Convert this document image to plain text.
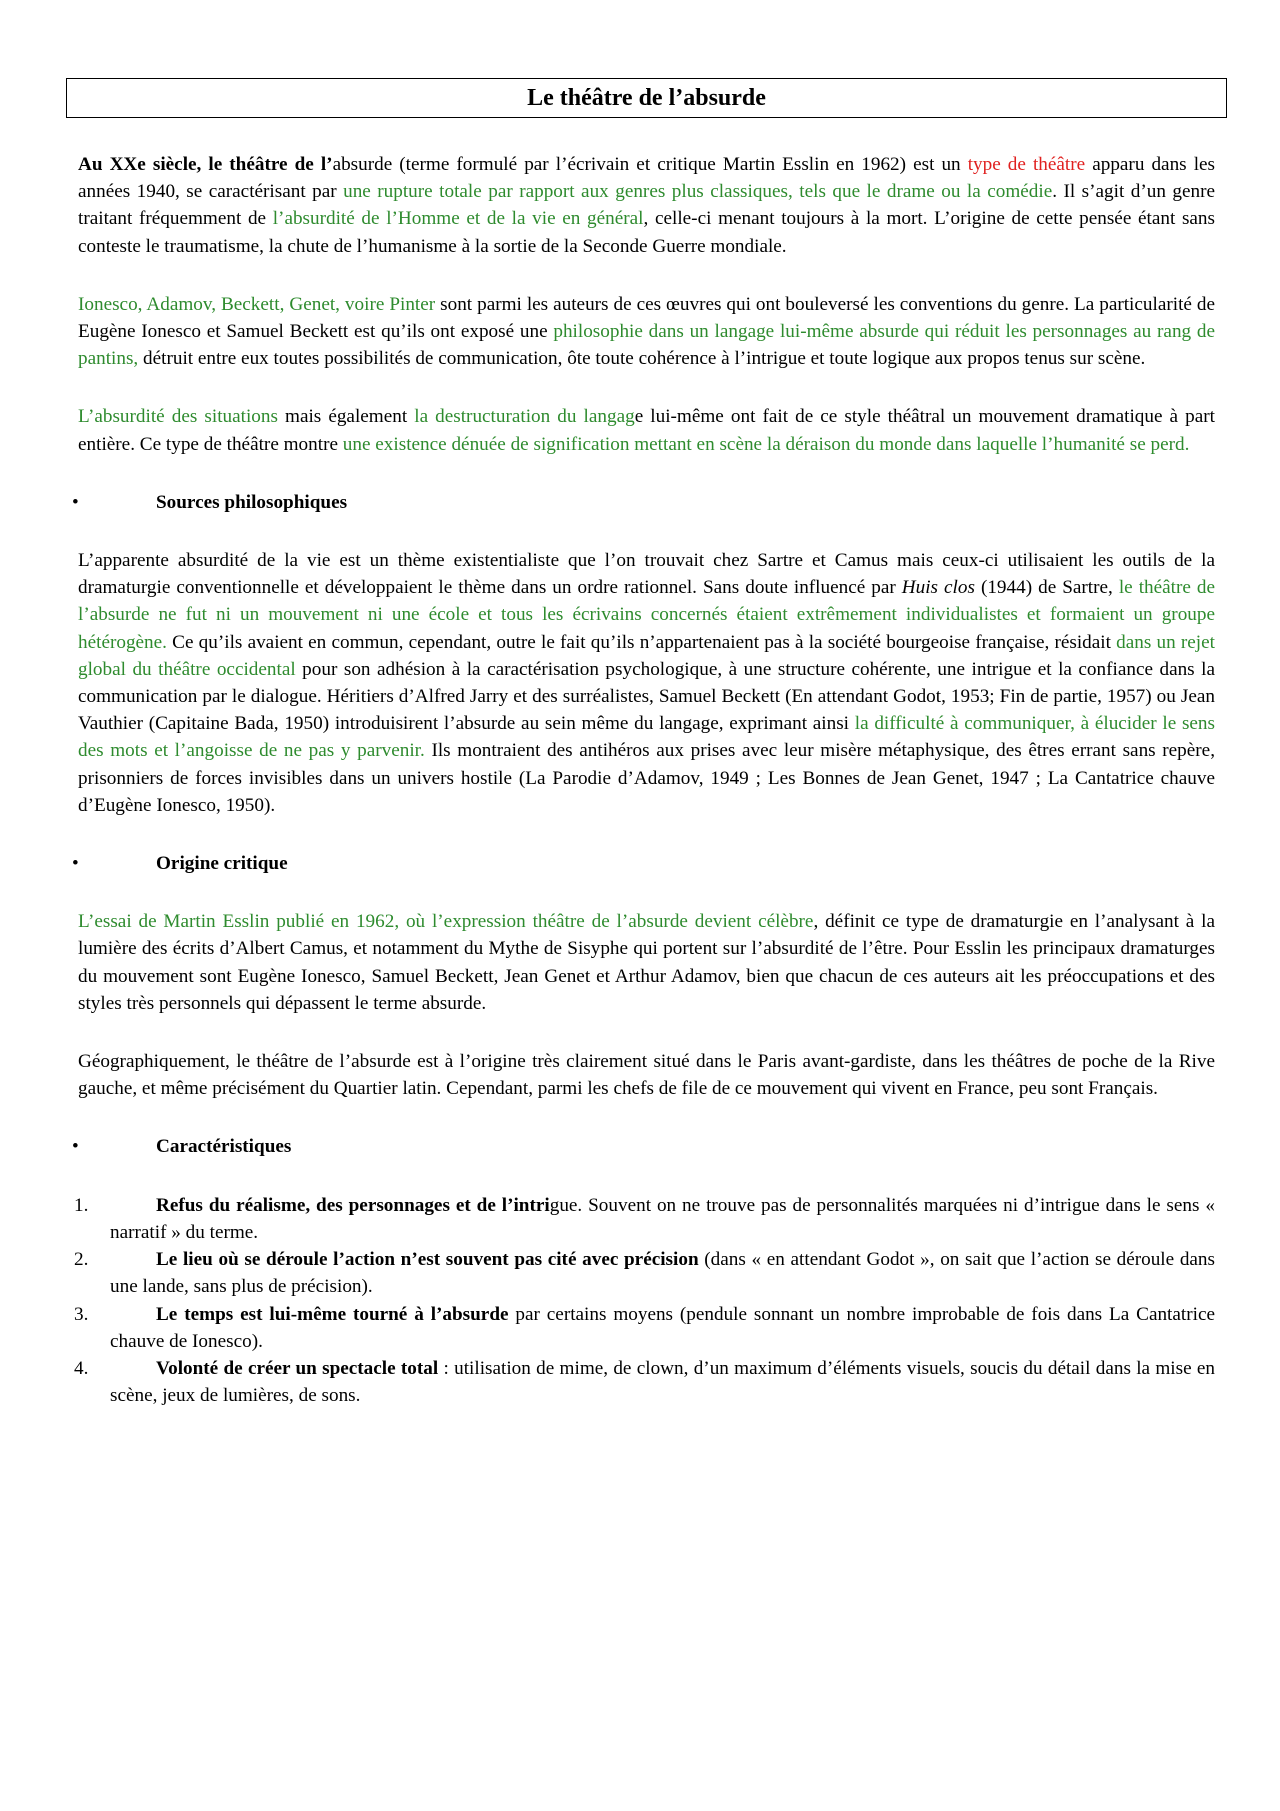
Le théâtre de l’absurde

Au XXe siècle, le théâtre de l’absurde (terme formulé par l’écrivain et critique Martin Esslin en 1962) est un type de théâtre apparu dans les années 1940, se caractérisant par une rupture totale par rapport aux genres plus classiques, tels que le drame ou la comédie. Il s’agit d’un genre traitant fréquemment de l’absurdité de l’Homme et de la vie en général, celle-ci menant toujours à la mort. L’origine de cette pensée étant sans conteste le traumatisme, la chute de l’humanisme à la sortie de la Seconde Guerre mondiale.

Ionesco, Adamov, Beckett, Genet, voire Pinter sont parmi les auteurs de ces œuvres qui ont bouleversé les conventions du genre. La particularité de Eugène Ionesco et Samuel Beckett est qu’ils ont exposé une philosophie dans un langage lui-même absurde qui réduit les personnages au rang de pantins, détruit entre eux toutes possibilités de communication, ôte toute cohérence à l’intrigue et toute logique aux propos tenus sur scène.

L’absurdité des situations mais également la destructuration du langage lui-même ont fait de ce style théâtral un mouvement dramatique à part entière. Ce type de théâtre montre une existence dénuée de signification mettant en scène la déraison du monde dans laquelle l’humanité se perd.

•	Sources philosophiques

L’apparente absurdité de la vie est un thème existentialiste que l’on trouvait chez Sartre et Camus mais ceux-ci utilisaient les outils de la dramaturgie conventionnelle et développaient le thème dans un ordre rationnel. Sans doute influencé par Huis clos (1944) de Sartre, le théâtre de l’absurde ne fut ni un mouvement ni une école et tous les écrivains concernés étaient extrêmement individualistes et formaient un groupe hétérogène. Ce qu’ils avaient en commun, cependant, outre le fait qu’ils n’appartenaient pas à la société bourgeoise française, résidait dans un rejet global du théâtre occidental pour son adhésion à la caractérisation psychologique, à une structure cohérente, une intrigue et la confiance dans la communication par le dialogue. Héritiers d’Alfred Jarry et des surréalistes, Samuel Beckett (En attendant Godot, 1953; Fin de partie, 1957) ou Jean Vauthier (Capitaine Bada, 1950) introduisirent l’absurde au sein même du langage, exprimant ainsi la difficulté à communiquer, à élucider le sens des mots et l’angoisse de ne pas y parvenir. Ils montraient des antihéros aux prises avec leur misère métaphysique, des êtres errant sans repère, prisonniers de forces invisibles dans un univers hostile (La Parodie d’Adamov, 1949 ; Les Bonnes de Jean Genet, 1947 ; La Cantatrice chauve d’Eugène Ionesco, 1950).

•	Origine critique

L’essai de Martin Esslin publié en 1962, où l’expression théâtre de l’absurde devient célèbre, définit ce type de dramaturgie en l’analysant à la lumière des écrits d’Albert Camus, et notamment du Mythe de Sisyphe qui portent sur l’absurdité de l’être. Pour Esslin les principaux dramaturges du mouvement sont Eugène Ionesco, Samuel Beckett, Jean Genet et Arthur Adamov, bien que chacun de ces auteurs ait les préoccupations et des styles très personnels qui dépassent le terme absurde.

Géographiquement, le théâtre de l’absurde est à l’origine très clairement situé dans le Paris avant-gardiste, dans les théâtres de poche de la Rive gauche, et même précisément du Quartier latin. Cependant, parmi les chefs de file de ce mouvement qui vivent en France, peu sont Français.

•	Caractéristiques
1.	Refus du réalisme, des personnages et de l’intrigue. Souvent on ne trouve pas de personnalités marquées ni d’intrigue dans le sens « narratif » du terme.
2.	Le lieu où se déroule l’action n’est souvent pas cité avec précision (dans « en attendant Godot », on sait que l’action se déroule dans une lande, sans plus de précision).
3.	Le temps est lui-même tourné à l’absurde par certains moyens (pendule sonnant un nombre improbable de fois dans La Cantatrice chauve de Ionesco).
4.	Volonté de créer un spectacle total : utilisation de mime, de clown, d’un maximum d’éléments visuels, soucis du détail dans la mise en scène, jeux de lumières, de sons.
